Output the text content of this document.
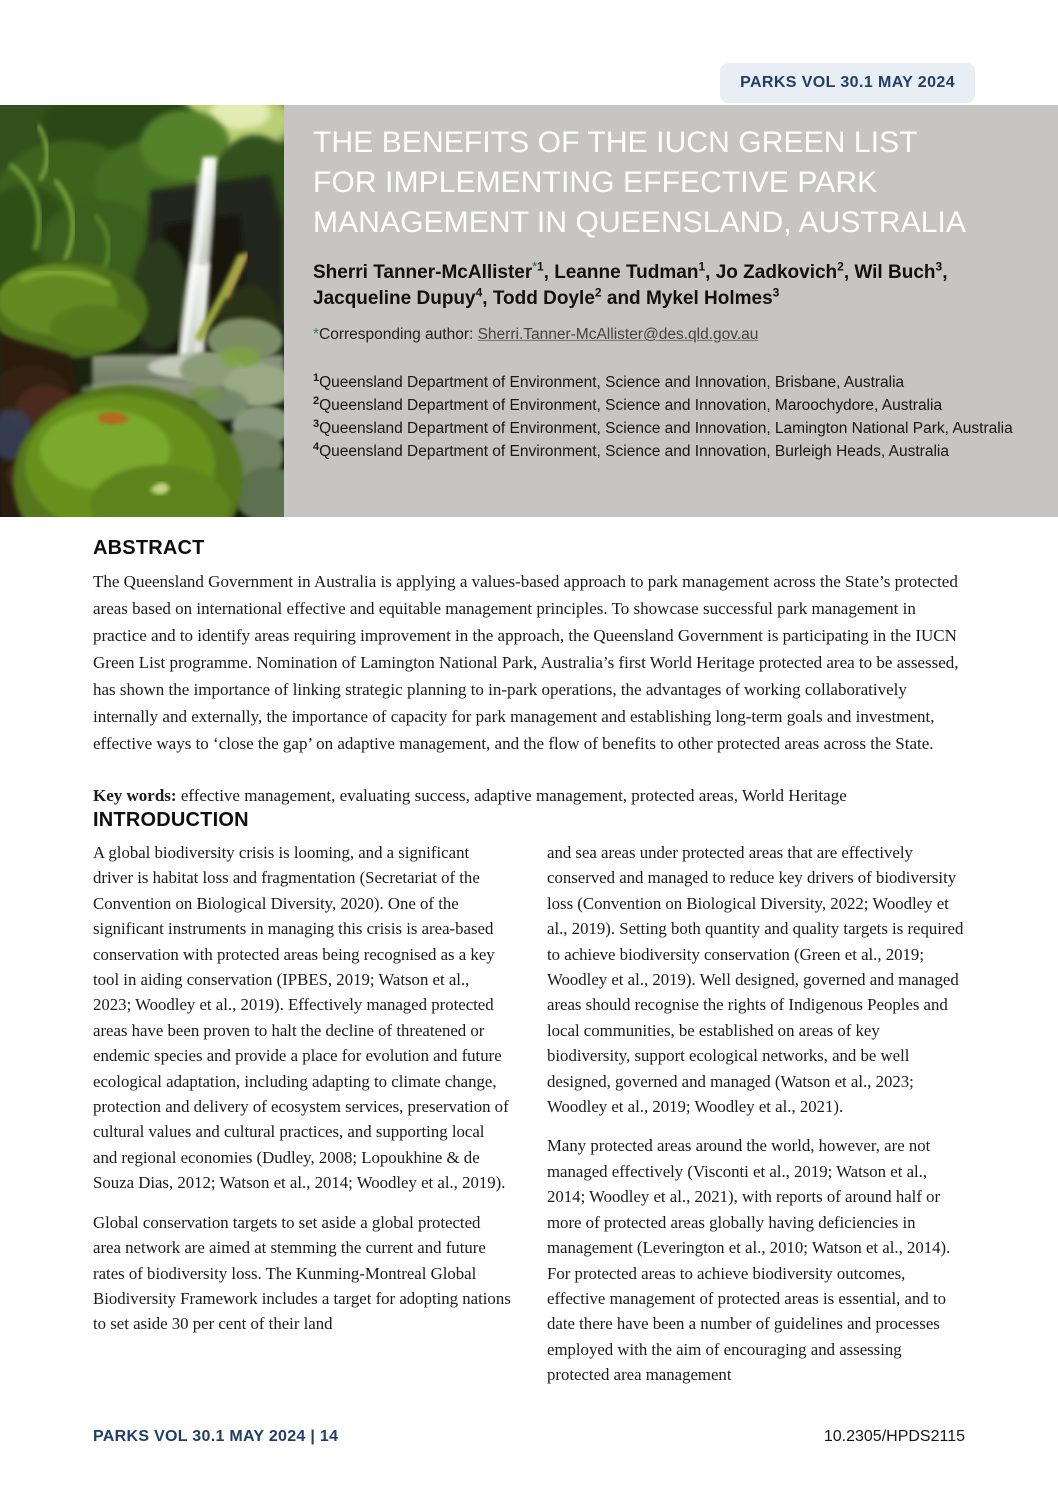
PARKS VOL 30.1 MAY 2024
THE BENEFITS OF THE IUCN GREEN LIST FOR IMPLEMENTING EFFECTIVE PARK MANAGEMENT IN QUEENSLAND, AUSTRALIA
Sherri Tanner-McAllister$^{*1}$, Leanne Tudman$^1$, Jo Zadkovich$^2$, Wil Buch$^3$, Jacqueline Dupuy$^4$, Todd Doyle$^2$ and Mykel Holmes$^3$
*Corresponding author: Sherri.Tanner-McAllister@des.qld.gov.au
$^1$Queensland Department of Environment, Science and Innovation, Brisbane, Australia
$^2$Queensland Department of Environment, Science and Innovation, Maroochydore, Australia
$^3$Queensland Department of Environment, Science and Innovation, Lamington National Park, Australia
$^4$Queensland Department of Environment, Science and Innovation, Burleigh Heads, Australia
ABSTRACT

The Queensland Government in Australia is applying a values-based approach to park management across the State’s protected areas based on international effective and equitable management principles. To showcase successful park management in practice and to identify areas requiring improvement in the approach, the Queensland Government is participating in the IUCN Green List programme. Nomination of Lamington National Park, Australia’s first World Heritage protected area to be assessed, has shown the importance of linking strategic planning to in-park operations, the advantages of working collaboratively internally and externally, the importance of capacity for park management and establishing long-term goals and investment, effective ways to ‘close the gap’ on adaptive management, and the flow of benefits to other protected areas across the State.

Key words: effective management, evaluating success, adaptive management, protected areas, World Heritage

INTRODUCTION

A global biodiversity crisis is looming, and a significant driver is habitat loss and fragmentation (Secretariat of the Convention on Biological Diversity, 2020). One of the significant instruments in managing this crisis is area-based conservation with protected areas being recognised as a key tool in aiding conservation (IPBES, 2019; Watson et al., 2023; Woodley et al., 2019). Effectively managed protected areas have been proven to halt the decline of threatened or endemic species and provide a place for evolution and future ecological adaptation, including adapting to climate change, protection and delivery of ecosystem services, preservation of cultural values and cultural practices, and supporting local and regional economies (Dudley, 2008; Lopoukhine & de Souza Dias, 2012; Watson et al., 2014; Woodley et al., 2019).

Global conservation targets to set aside a global protected area network are aimed at stemming the current and future rates of biodiversity loss. The Kunming-Montreal Global Biodiversity Framework includes a target for adopting nations to set aside 30 per cent of their land

and sea areas under protected areas that are effectively conserved and managed to reduce key drivers of biodiversity loss (Convention on Biological Diversity, 2022; Woodley et al., 2019). Setting both quantity and quality targets is required to achieve biodiversity conservation (Green et al., 2019; Woodley et al., 2019). Well designed, governed and managed areas should recognise the rights of Indigenous Peoples and local communities, be established on areas of key biodiversity, support ecological networks, and be well designed, governed and managed (Watson et al., 2023; Woodley et al., 2019; Woodley et al., 2021).

Many protected areas around the world, however, are not managed effectively (Visconti et al., 2019; Watson et al., 2014; Woodley et al., 2021), with reports of around half or more of protected areas globally having deficiencies in management (Leverington et al., 2010; Watson et al., 2014). For protected areas to achieve biodiversity outcomes, effective management of protected areas is essential, and to date there have been a number of guidelines and processes employed with the aim of encouraging and assessing protected area management

PARKS VOL 30.1 MAY 2024 | 14	10.2305/HPDS2115
